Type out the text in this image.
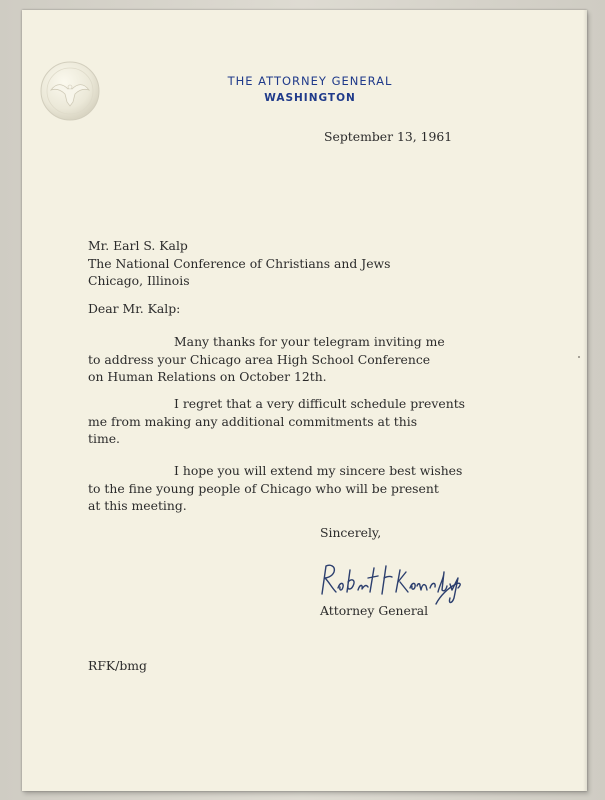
THE ATTORNEY GENERAL
WASHINGTON
September 13, 1961
Mr. Earl S. Kalp
The National Conference of Christians and Jews
Chicago, Illinois
Dear Mr. Kalp:
Many thanks for your telegram inviting me
to address your Chicago area High School Conference
on Human Relations on October 12th.
I regret that a very difficult schedule prevents
me from making any additional commitments at this
time.
I hope you will extend my sincere best wishes
to the fine young people of Chicago who will be present
at this meeting.
Sincerely,
Attorney General
RFK/bmg
